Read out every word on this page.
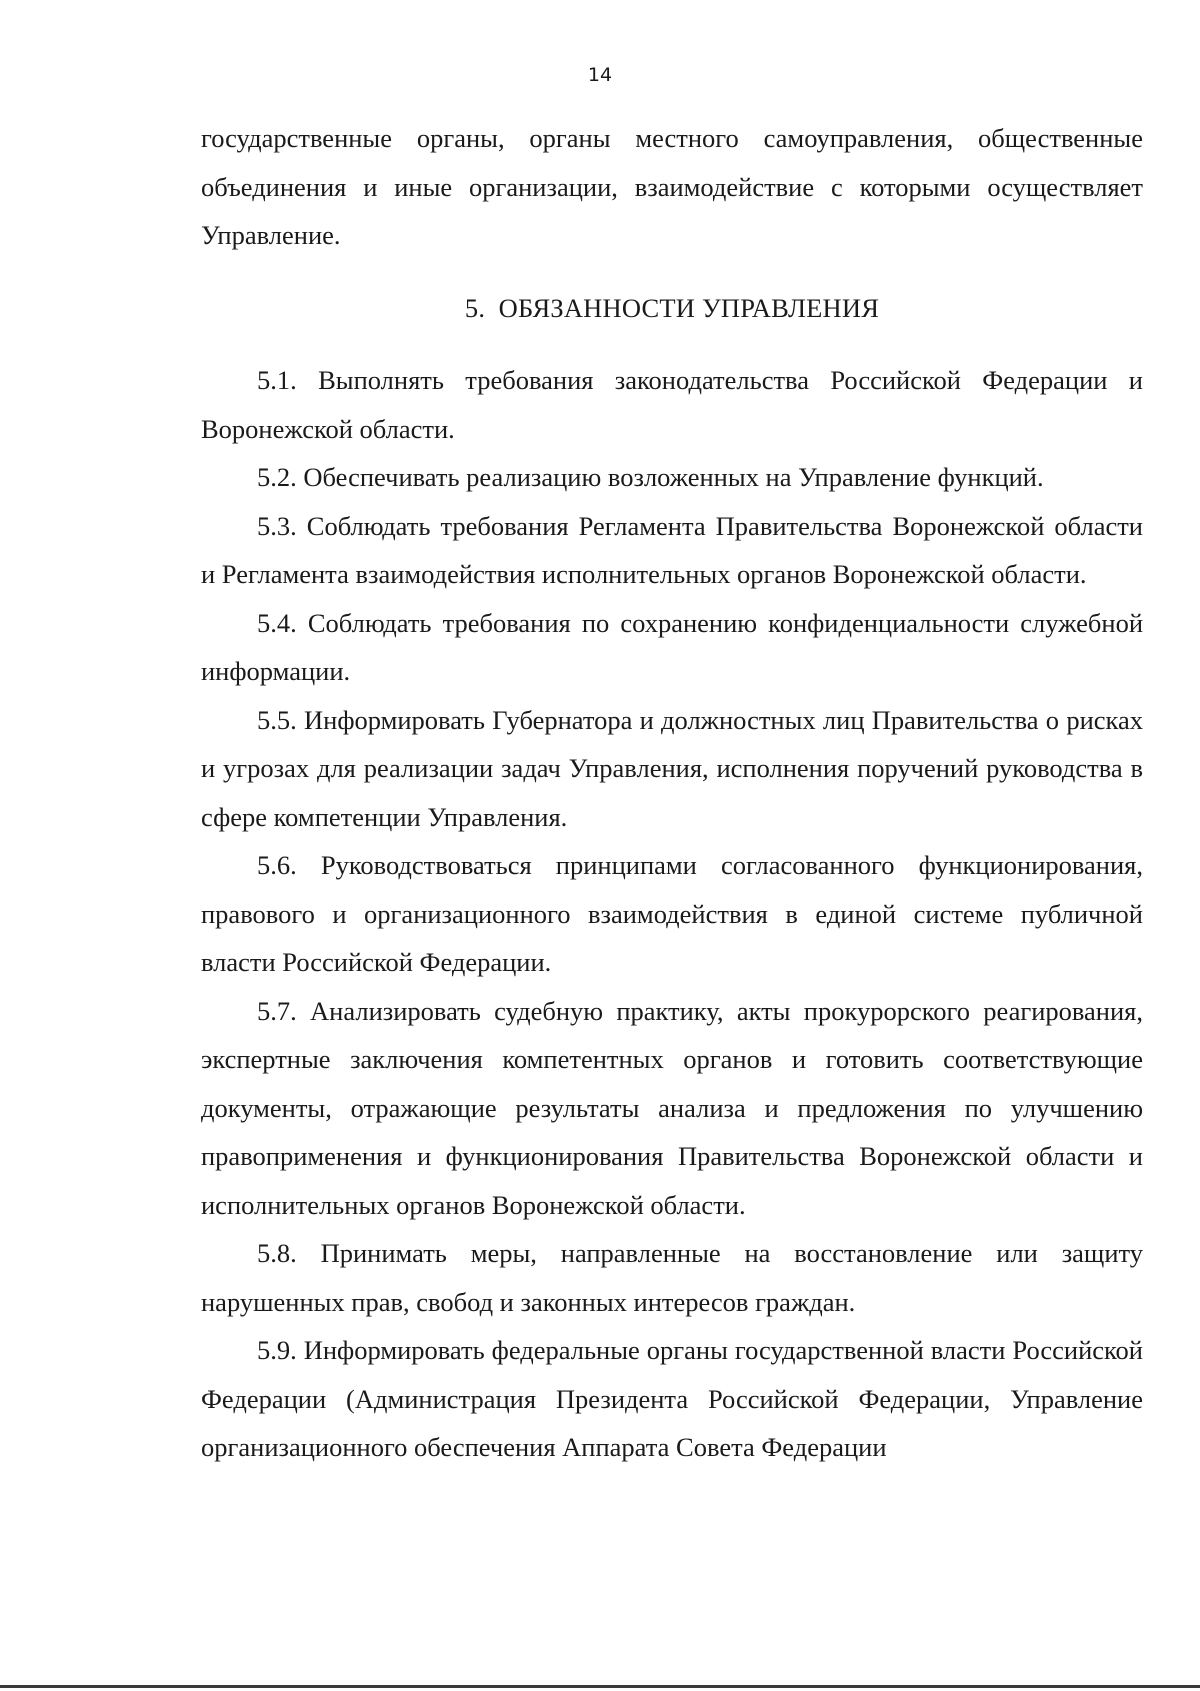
14

государственные органы, органы местного самоуправления, общественные объединения и иные организации, взаимодействие с которыми осуществляет Управление.

5. ОБЯЗАННОСТИ УПРАВЛЕНИЯ

5.1. Выполнять требования законодательства Российской Федерации и Воронежской области.

5.2. Обеспечивать реализацию возложенных на Управление функций.

5.3. Соблюдать требования Регламента Правительства Воронежской области и Регламента взаимодействия исполнительных органов Воронежской области.

5.4. Соблюдать требования по сохранению конфиденциальности служебной информации.

5.5. Информировать Губернатора и должностных лиц Правительства о рисках и угрозах для реализации задач Управления, исполнения поручений руководства в сфере компетенции Управления.

5.6. Руководствоваться принципами согласованного функционирования, правового и организационного взаимодействия в единой системе публичной власти Российской Федерации.

5.7. Анализировать судебную практику, акты прокурорского реагирования, экспертные заключения компетентных органов и готовить соответствующие документы, отражающие результаты анализа и предложения по улучшению правоприменения и функционирования Правительства Воронежской области и исполнительных органов Воронежской области.

5.8. Принимать меры, направленные на восстановление или защиту нарушенных прав, свобод и законных интересов граждан.

5.9. Информировать федеральные органы государственной власти Российской Федерации (Администрация Президента Российской Федерации, Управление организационного обеспечения Аппарата Совета Федерации
